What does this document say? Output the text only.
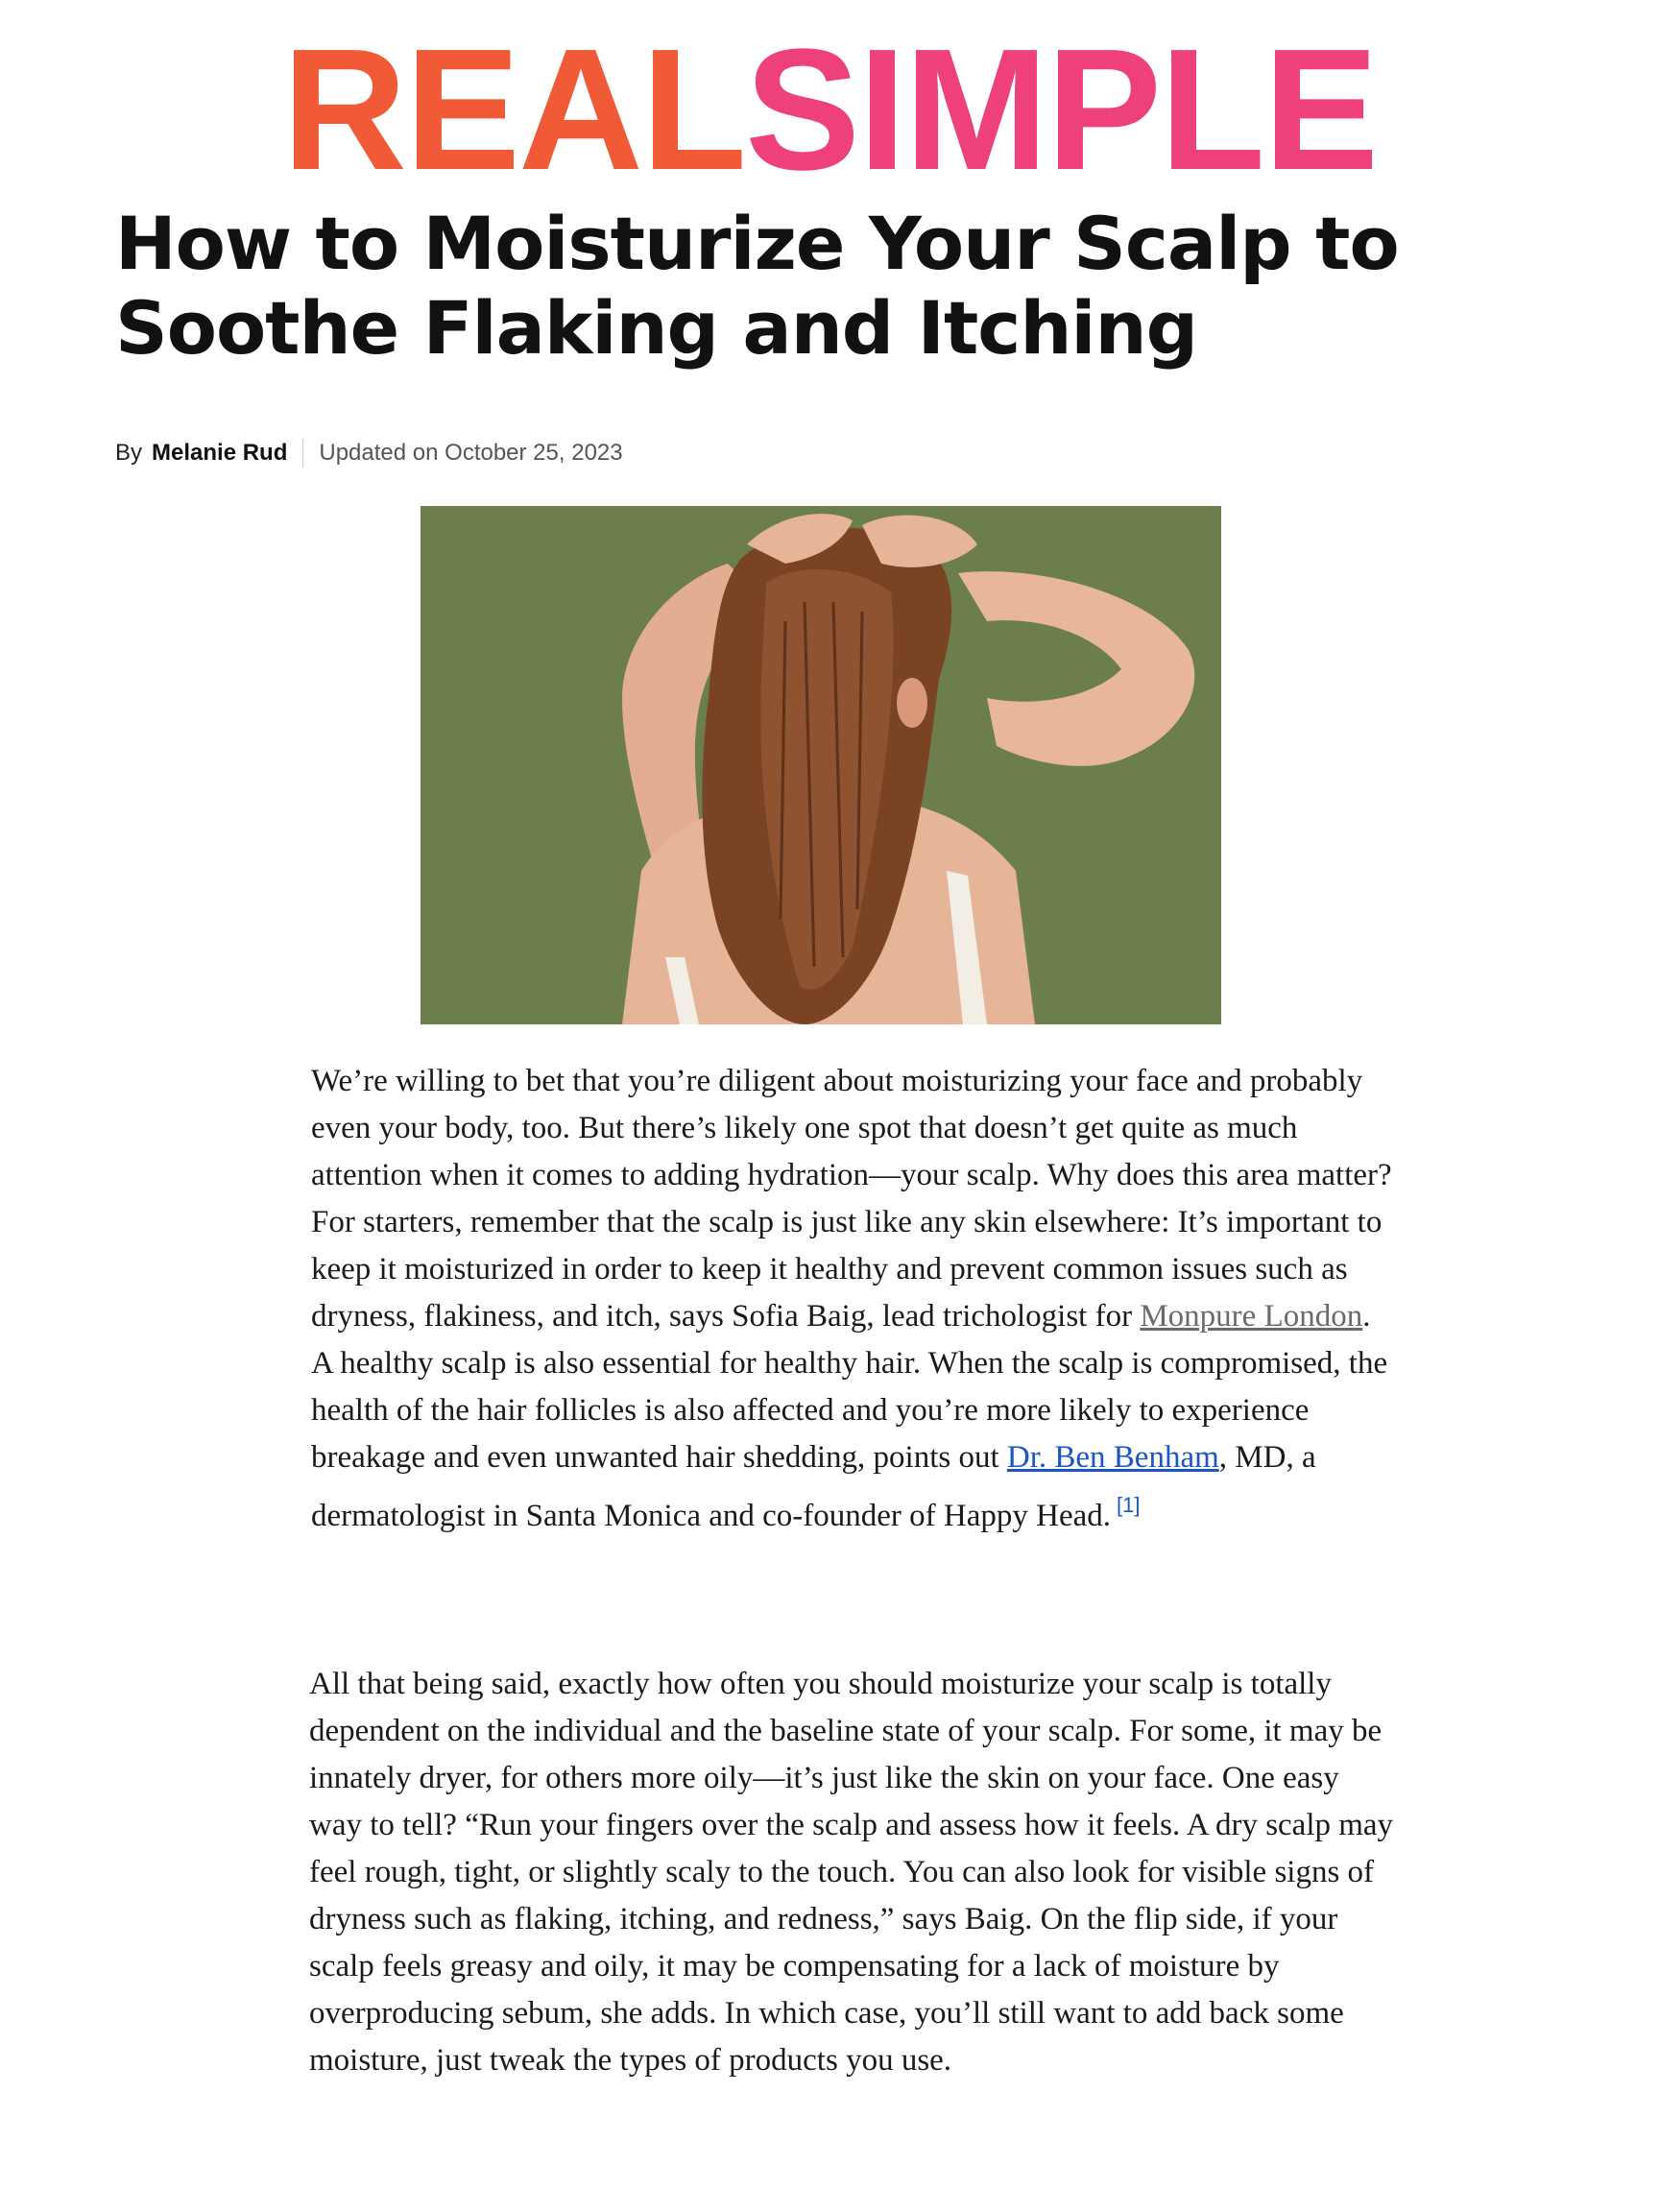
REALSIMPLE
How to Moisturize Your Scalp to Soothe Flaking and Itching
By Melanie Rud Updated on October 25, 2023

We’re willing to bet that you’re diligent about moisturizing your face and probably even your body, too. But there’s likely one spot that doesn’t get quite as much attention when it comes to adding hydration—your scalp. Why does this area matter? For starters, remember that the scalp is just like any skin elsewhere: It’s important to keep it moisturized in order to keep it healthy and prevent common issues such as dryness, flakiness, and itch, says Sofia Baig, lead trichologist for Monpure London. A healthy scalp is also essential for healthy hair. When the scalp is compromised, the health of the hair follicles is also affected and you’re more likely to experience breakage and even unwanted hair shedding, points out Dr. Ben Benham, MD, a dermatologist in Santa Monica and co-founder of Happy Head. [1]

All that being said, exactly how often you should moisturize your scalp is totally dependent on the individual and the baseline state of your scalp. For some, it may be innately dryer, for others more oily—it’s just like the skin on your face. One easy way to tell? “Run your fingers over the scalp and assess how it feels. A dry scalp may feel rough, tight, or slightly scaly to the touch. You can also look for visible signs of dryness such as flaking, itching, and redness,” says Baig. On the flip side, if your scalp feels greasy and oily, it may be compensating for a lack of moisture by overproducing sebum, she adds. In which case, you’ll still want to add back some moisture, just tweak the types of products you use.
